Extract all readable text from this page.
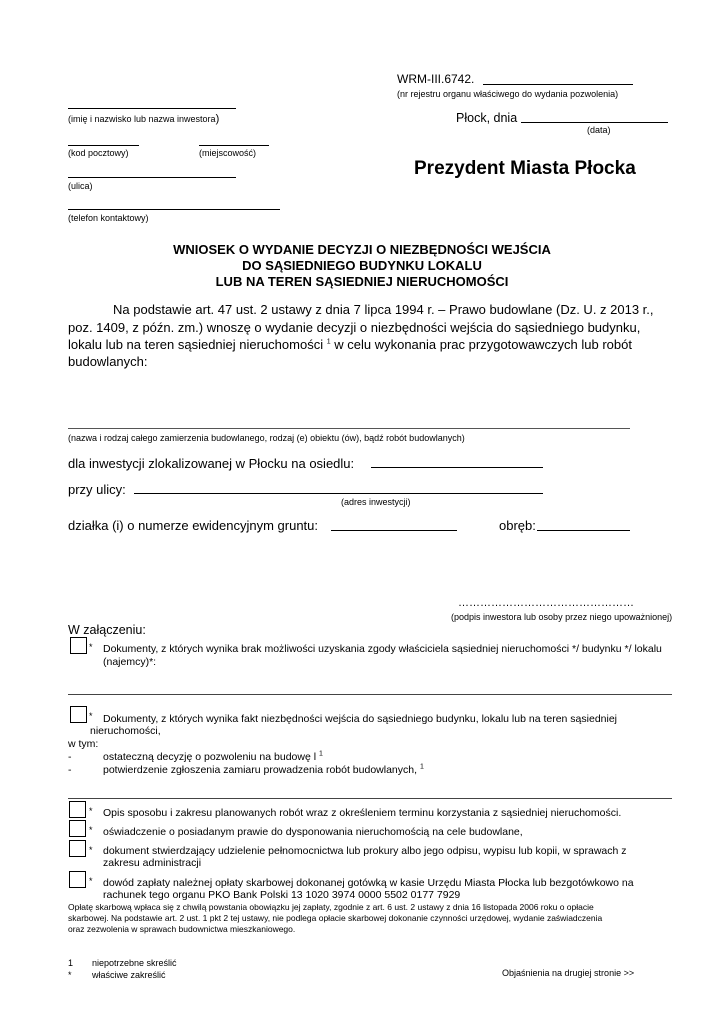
WRM-III.6742.
(nr rejestru organu właściwego do wydania pozwolenia)
Płock, dnia
(data)
(imię i nazwisko lub nazwa inwestora)
(kod pocztowy)	(miejscowość)
(ulica)
(telefon kontaktowy)
Prezydent Miasta Płocka
WNIOSEK O WYDANIE DECYZJI O NIEZBĘDNOŚCI WEJŚCIA
DO SĄSIEDNIEGO BUDYNKU LOKALU
LUB NA TEREN SĄSIEDNIEJ NIERUCHOMOŚCI
Na podstawie art. 47 ust. 2 ustawy z dnia 7 lipca 1994 r. – Prawo budowlane (Dz. U. z 2013 r.,
poz. 1409, z późn. zm.) wnoszę o wydanie decyzji o niezbędności wejścia do sąsiedniego budynku,
lokalu lub na teren sąsiedniej nieruchomości $^1$ w celu wykonania prac przygotowawczych lub robót
budowlanych:
(nazwa i rodzaj całego zamierzenia budowlanego, rodzaj (e) obiektu (ów), bądź robót budowlanych)
dla inwestycji zlokalizowanej w Płocku na osiedlu:
przy ulicy:
(adres inwestycji)
działka (i) o numerze ewidencyjnym gruntu:	obręb:
…………………………………………
(podpis inwestora lub osoby przez niego upoważnionej)
W załączeniu:
* Dokumenty, z których wynika brak możliwości uzyskania zgody właściciela sąsiedniej nieruchomości */ budynku */ lokalu
(najemcy)*:
* Dokumenty, z których wynika fakt niezbędności wejścia do sąsiedniego budynku, lokalu lub na teren sąsiedniej
nieruchomości,
w tym:
-	ostateczną decyzję o pozwoleniu na budowę l $^1$
-	potwierdzenie zgłoszenia zamiaru prowadzenia robót budowlanych, $^1$
* Opis sposobu i zakresu planowanych robót wraz z określeniem terminu korzystania z sąsiedniej nieruchomości.
* oświadczenie o posiadanym prawie do dysponowania nieruchomością na cele budowlane,
* dokument stwierdzający udzielenie pełnomocnictwa lub prokury albo jego odpisu, wypisu lub kopii, w sprawach z
zakresu administracji
* dowód zapłaty należnej opłaty skarbowej dokonanej gotówką w kasie Urzędu Miasta Płocka lub bezgotówkowo na
rachunek tego organu PKO Bank Polski 13 1020 3974 0000 5502 0177 7929
Opłatę skarbową wpłaca się z chwilą powstania obowiązku jej zapłaty, zgodnie z art. 6 ust. 2 ustawy z dnia 16 listopada 2006 roku o opłacie
skarbowej. Na podstawie art. 2 ust. 1 pkt 2 tej ustawy, nie podlega opłacie skarbowej dokonanie czynności urzędowej, wydanie zaświadczenia
oraz zezwolenia w sprawach budownictwa mieszkaniowego.
1 niepotrzebne skreślić
* właściwe zakreślić	Objaśnienia na drugiej stronie >>
